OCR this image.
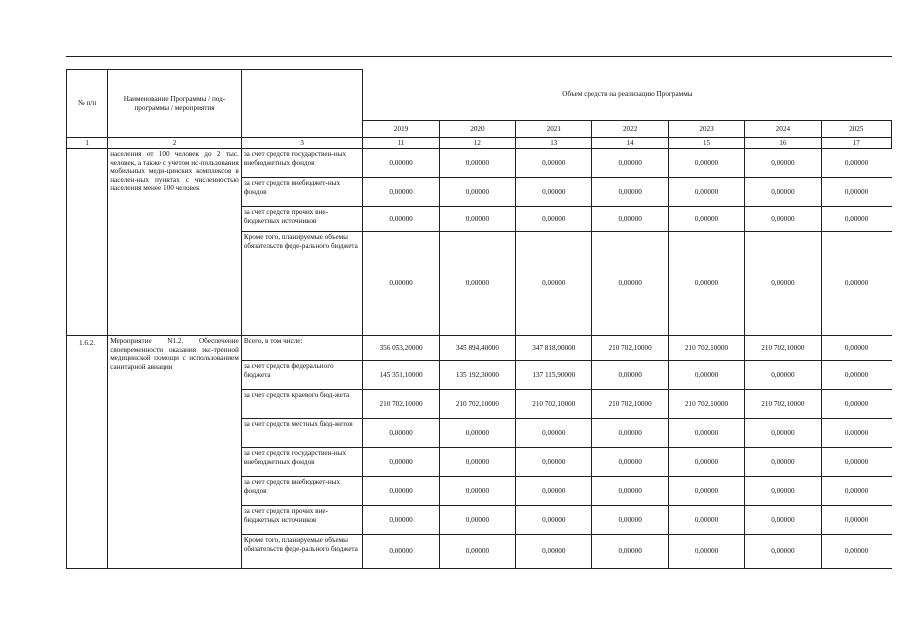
№ п/п	Наименование Программы / под-программы / мероприятия		Объем средств на реализацию Программы						
			2019	2020	2021	2022	2023	2024	2025
1	2	3	11	12	13	14	15	16	17
	населения от 100 человек до 2 тыс. человек, а также с учетом ис-пользования мобильных меди-цинских комплексов в населен-ных пунктах с численностью населения менее 100 человек	за счет средств государствен-ных внебюджетных фондов	0,00000	0,00000	0,00000	0,00000	0,00000	0,00000	0,00000
		за счет средств внебюджет-ных фондов	0,00000	0,00000	0,00000	0,00000	0,00000	0,00000	0,00000
		за счет средств прочих вне-бюджетных источников	0,00000	0,00000	0,00000	0,00000	0,00000	0,00000	0,00000
		Кроме того, планируемые объемы обязательств феде-рального бюджета	0,00000	0,00000	0,00000	0,00000	0,00000	0,00000	0,00000
1.6.2.	Мероприятие N1.2. Обеспечение своевременности оказания экс-тренной медицинской помощи с использованием санитарной авиации	Всего, в том числе:	356 053,20000	345 894,40000	347 818,00000	210 702,10000	210 702,10000	210 702,10000	0,00000
		за счет средств федерального бюджета	145 351,10000	135 192,30000	137 115,90000	0,00000	0,00000	0,00000	0,00000
		за счет средств краевого бюд-жета	210 702,10000	210 702,10000	210 702,10000	210 702,10000	210 702,10000	210 702,10000	0,00000
		за счет средств местных бюд-жетов	0,00000	0,00000	0,00000	0,00000	0,00000	0,00000	0,00000
		за счет средств государствен-ных внебюджетных фондов	0,00000	0,00000	0,00000	0,00000	0,00000	0,00000	0,00000
		за счет средств внебюджет-ных фондов	0,00000	0,00000	0,00000	0,00000	0,00000	0,00000	0,00000
		за счет средств прочих вне-бюджетных источников	0,00000	0,00000	0,00000	0,00000	0,00000	0,00000	0,00000
		Кроме того, планируемые объемы обязательств феде-рального бюджета	0,00000	0,00000	0,00000	0,00000	0,00000	0,00000	0,00000
